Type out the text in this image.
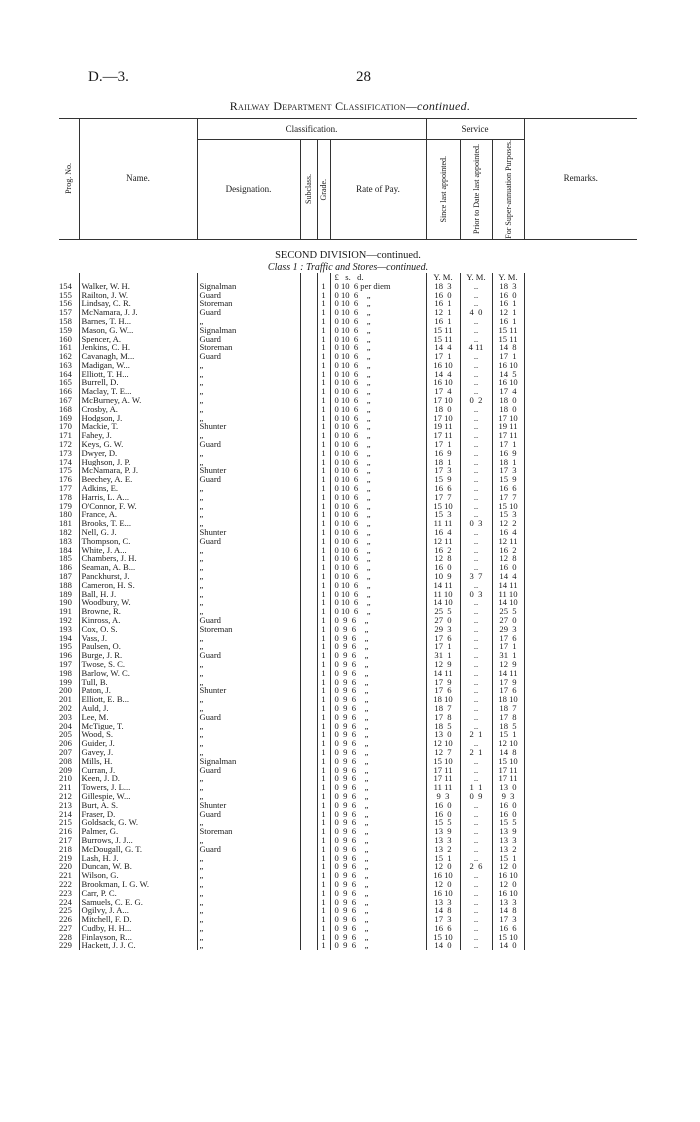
D.—3.	28
Railway Department Classification—continued.
Prog. No.	Name.	Classification.				Service			Remarks.
		Designation.	Subclass.	Grade.	Rate of Pay.	Since last appointed.	Prior to Date last appointed.	For Super-annuation Purposes.	

SECOND DIVISION—continued.									
Class 1 : Traffic and Stores—continued.									
					£   s.   d.	Y. M.	Y. M.	Y. M.	
154	Walker, W. H.	Signalman		1	0 10  6 per diem	18  3	..	18  3	
155	Railton, J. W.	Guard		1	0 10  6    „	16  0	..	16  0	
156	Lindsay, C. R.	Storeman		1	0 10  6    „	16  1	..	16  1	
157	McNamara, J. J.	Guard		1	0 10  6    „	12  1	4  0	12  1	
158	Barnes, T. H...	„		1	0 10  6    „	16  1	..	16  1	
159	Mason, G. W...	Signalman		1	0 10  6    „	15 11	..	15 11	
160	Spencer, A.	Guard		1	0 10  6    „	15 11	..	15 11	
161	Jenkins, C. H.	Storeman		1	0 10  6    „	14  4	4 11	14  8	
162	Cavanagh, M...	Guard		1	0 10  6    „	17  1	..	17  1	
163	Madigan, W...	„		1	0 10  6    „	16 10	..	16 10	
164	Elliott, T. H...	„		1	0 10  6    „	14  4	..	14  5	
165	Burrell, D.	„		1	0 10  6    „	16 10	..	16 10	
166	Maclay, T. E...	„		1	0 10  6    „	17  4	..	17  4	
167	McBurney, A. W.	„		1	0 10  6    „	17 10	0  2	18  0	
168	Crosby, A.	„		1	0 10  6    „	18  0	..	18  0	
169	Hodgson, J.	„		1	0 10  6    „	17 10	..	17 10	
170	Mackie, T.	Shunter		1	0 10  6    „	19 11	..	19 11	
171	Fahey, J.	„		1	0 10  6    „	17 11	..	17 11	
172	Keys, G. W.	Guard		1	0 10  6    „	17  1	..	17  1	
173	Dwyer, D.	„		1	0 10  6    „	16  9	..	16  9	
174	Hughson, J. P.	„		1	0 10  6    „	18  1	..	18  1	
175	McNamara, P. J.	Shunter		1	0 10  6    „	17  3	..	17  3	
176	Beechey, A. E.	Guard		1	0 10  6    „	15  9	..	15  9	
177	Adkins, E.	„		1	0 10  6    „	16  6	..	16  6	
178	Harris, L. A...	„		1	0 10  6    „	17  7	..	17  7	
179	O'Connor, F. W.	„		1	0 10  6    „	15 10	..	15 10	
180	France, A.	„		1	0 10  6    „	15  3	..	15  3	
181	Brooks, T. E...	„		1	0 10  6    „	11 11	0  3	12  2	
182	Nell, G. J.	Shunter		1	0 10  6    „	16  4	..	16  4	
183	Thompson, C.	Guard		1	0 10  6    „	12 11	..	12 11	
184	White, J. A...	„		1	0 10  6    „	16  2	..	16  2	
185	Chambers, J. H.	„		1	0 10  6    „	12  8	..	12  8	
186	Seaman, A. B...	„		1	0 10  6    „	16  0	..	16  0	
187	Panckhurst, J.	„		1	0 10  6    „	10  9	3  7	14  4	
188	Cameron, H. S.	„		1	0 10  6    „	14 11	..	14 11	
189	Ball, H. J.	„		1	0 10  6    „	11 10	0  3	11 10	
190	Woodbury, W.	„		1	0 10  6    „	14 10	..	14 10	
191	Browne, R.	„		1	0 10  6    „	25  5	..	25  5	
192	Kinross, A.	Guard		1	0  9  6    „	27  0	..	27  0	
193	Cox, O. S.	Storeman		1	0  9  6    „	29  3	..	29  3	
194	Vass, J.	„		1	0  9  6    „	17  6	..	17  6	
195	Paulsen, O.	„		1	0  9  6    „	17  1	..	17  1	
196	Burge, J. R.	Guard		1	0  9  6    „	31  1	..	31  1	
197	Twose, S. C.	„		1	0  9  6    „	12  9	..	12  9	
198	Barlow, W. C.	„		1	0  9  6    „	14 11	..	14 11	
199	Tull, B.	„		1	0  9  6    „	17  9	..	17  9	
200	Paton, J.	Shunter		1	0  9  6    „	17  6	..	17  6	
201	Elliott, E. B...	„		1	0  9  6    „	18 10	..	18 10	
202	Auld, J.	„		1	0  9  6    „	18  7	..	18  7	
203	Lee, M.	Guard		1	0  9  6    „	17  8	..	17  8	
204	McTigue, T.	„		1	0  9  6    „	18  5	..	18  5	
205	Wood, S.	„		1	0  9  6    „	13  0	2  1	15  1	
206	Guider, J.	„		1	0  9  6    „	12 10	..	12 10	
207	Gavey, J.	„		1	0  9  6    „	12  7	2  1	14  8	
208	Mills, H.	Signalman		1	0  9  6    „	15 10	..	15 10	
209	Curran, J.	Guard		1	0  9  6    „	17 11	..	17 11	
210	Keen, J. D.	„		1	0  9  6    „	17 11	..	17 11	
211	Towers, J. L...	„		1	0  9  6    „	11 11	1  1	13  0	
212	Gillespie, W...	„		1	0  9  6    „	9  3	0  9	9  3	
213	Burt, A. S.	Shunter		1	0  9  6    „	16  0	..	16  0	
214	Fraser, D.	Guard		1	0  9  6    „	16  0	..	16  0	
215	Goldsack, G. W.	„		1	0  9  6    „	15  5	..	15  5	
216	Palmer, G.	Storeman		1	0  9  6    „	13  9	..	13  9	
217	Burrows, J. J...	„		1	0  9  6    „	13  3	..	13  3	
218	McDougall, G. T.	Guard		1	0  9  6    „	13  2	..	13  2	
219	Lash, H. J.	„		1	0  9  6    „	15  1	..	15  1	
220	Duncan, W. B.	„		1	0  9  6    „	12  0	2  6	12  0	
221	Wilson, G.	„		1	0  9  6    „	16 10	..	16 10	
222	Brookman, I. G. W.	„		1	0  9  6    „	12  0	..	12  0	
223	Carr, P. C.	„		1	0  9  6    „	16 10	..	16 10	
224	Samuels, C. E. G.	„		1	0  9  6    „	13  3	..	13  3	
225	Ogilvy, J. A...	„		1	0  9  6    „	14  8	..	14  8	
226	Mitchell, F. D.	„		1	0  9  6    „	17  3	..	17  3	
227	Cudby, H. H...	„		1	0  9  6    „	16  6	..	16  6	
228	Finlayson, R...	„		1	0  9  6    „	15 10	..	15 10	
229	Hackett, J. J. C.	„		1	0  9  6    „	14  0	..	14  0	
